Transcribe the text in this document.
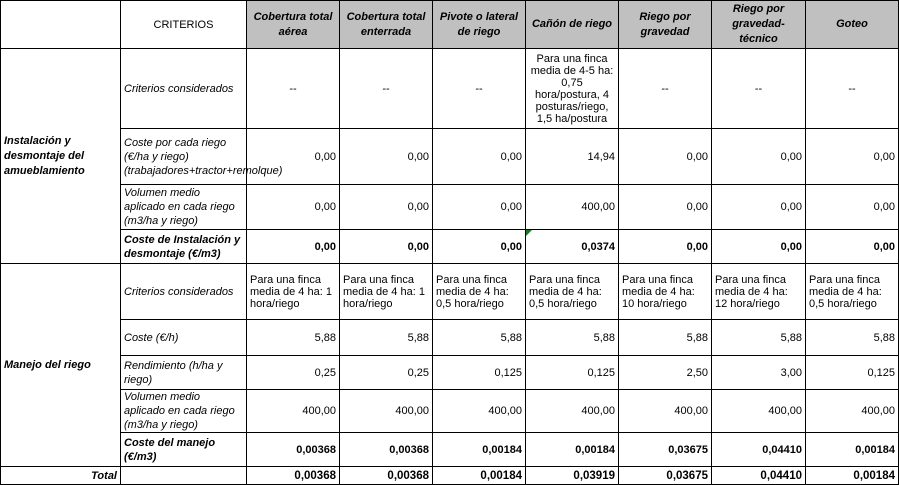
	CRITERIOS	Cobertura total aérea	Cobertura total enterrada	Pivote o lateral de riego	Cañón de riego	Riego por gravedad	Riego por gravedad-técnico	Goteo
Instalación y desmontaje del amueblamiento	Criterios considerados	--	--	--	Para una finca media de 4-5 ha: 0,75 hora/postura, 4 posturas/riego, 1,5 ha/postura	--	--	--
	Coste por cada riego (€/ha y riego) (trabajadores+tractor+remolque)	0,00	0,00	0,00	14,94	0,00	0,00	0,00
	Volumen medio aplicado en cada riego (m3/ha y riego)	0,00	0,00	0,00	400,00	0,00	0,00	0,00
	Coste de Instalación y desmontaje (€/m3)	0,00	0,00	0,00	0,0374	0,00	0,00	0,00
Manejo del riego	Criterios considerados	Para una finca media de 4 ha: 1 hora/riego	Para una finca media de 4 ha: 1 hora/riego	Para una finca media de 4 ha: 0,5 hora/riego	Para una finca media de 4 ha: 0,5 hora/riego	Para una finca media de 4 ha: 10 hora/riego	Para una finca media de 4 ha: 12 hora/riego	Para una finca media de 4 ha: 0,5 hora/riego
	Coste (€/h)	5,88	5,88	5,88	5,88	5,88	5,88	5,88
	Rendimiento (h/ha y riego)	0,25	0,25	0,125	0,125	2,50	3,00	0,125
	Volumen medio aplicado en cada riego (m3/ha y riego)	400,00	400,00	400,00	400,00	400,00	400,00	400,00
	Coste del manejo (€/m3)	0,00368	0,00368	0,00184	0,00184	0,03675	0,04410	0,00184
Total		0,00368	0,00368	0,00184	0,03919	0,03675	0,04410	0,00184
